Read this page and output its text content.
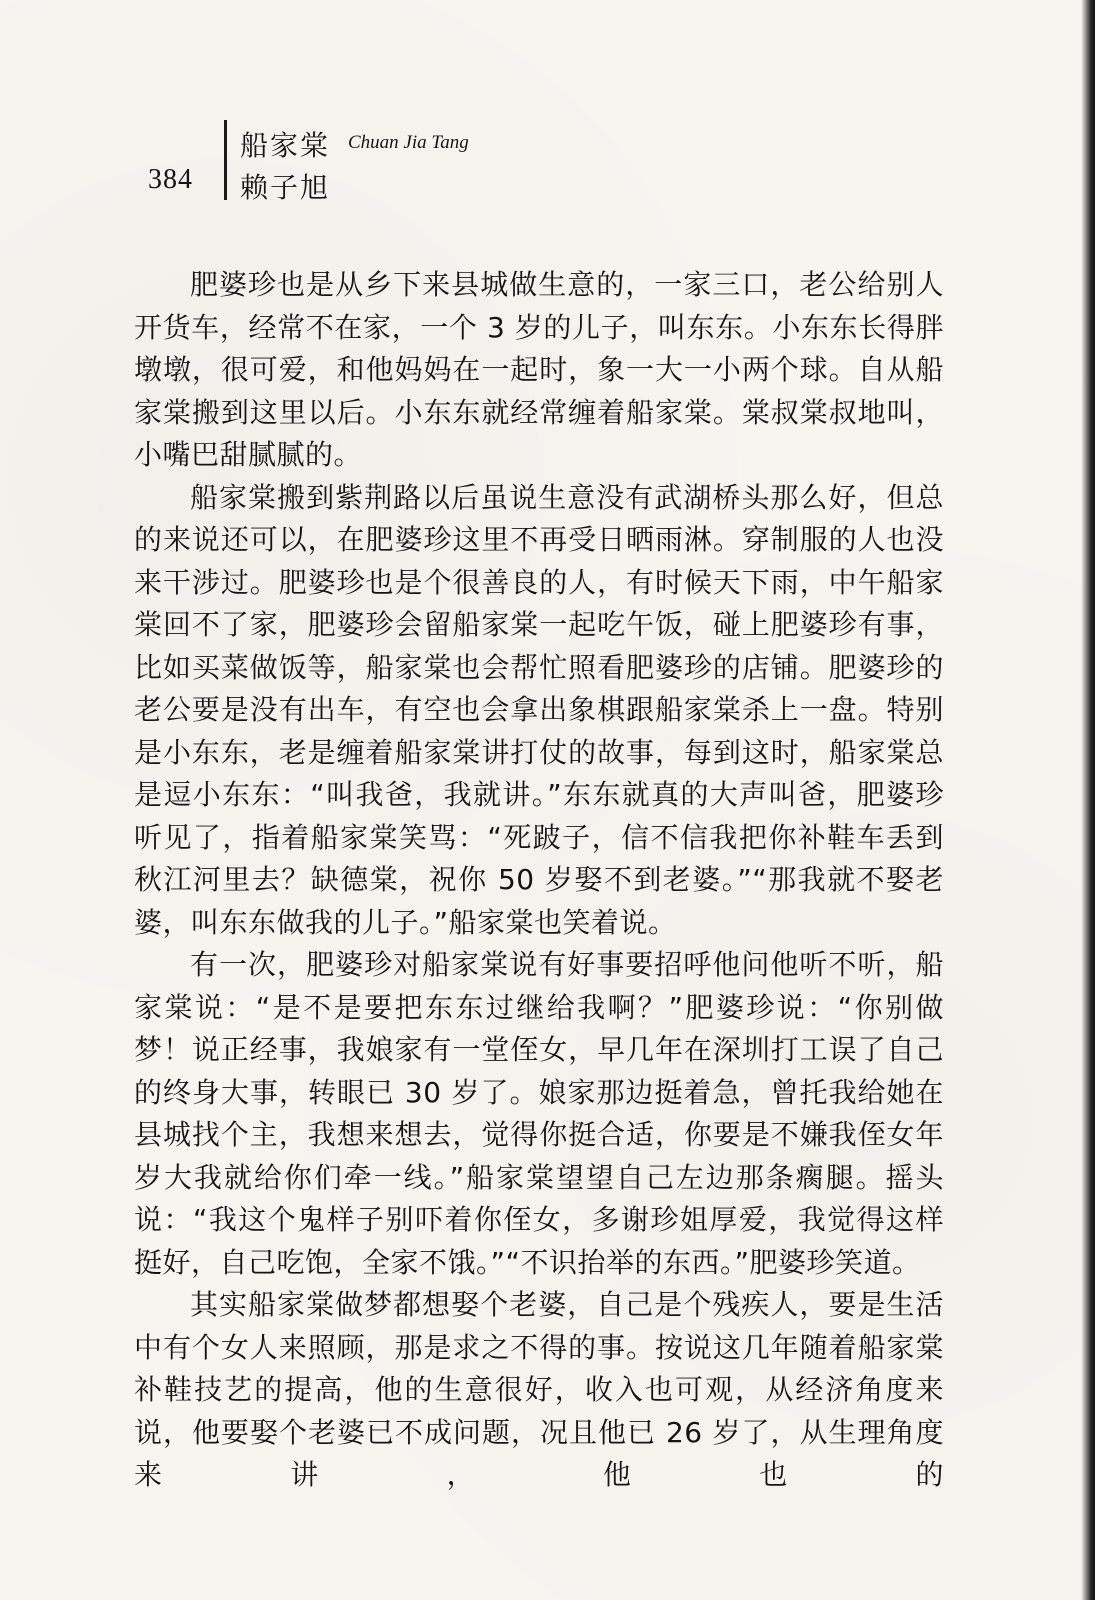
384
船家棠 Chuan Jia Tang
赖子旭

肥婆珍也是从乡下来县城做生意的，一家三口，老公给别人开货车，经常不在家，一个 3 岁的儿子，叫东东。小东东长得胖墩墩，很可爱，和他妈妈在一起时，象一大一小两个球。自从船家棠搬到这里以后。小东东就经常缠着船家棠。棠叔棠叔地叫，小嘴巴甜腻腻的。

船家棠搬到紫荆路以后虽说生意没有武湖桥头那么好，但总的来说还可以，在肥婆珍这里不再受日晒雨淋。穿制服的人也没来干涉过。肥婆珍也是个很善良的人，有时候天下雨，中午船家棠回不了家，肥婆珍会留船家棠一起吃午饭，碰上肥婆珍有事，比如买菜做饭等，船家棠也会帮忙照看肥婆珍的店铺。肥婆珍的老公要是没有出车，有空也会拿出象棋跟船家棠杀上一盘。特别是小东东，老是缠着船家棠讲打仗的故事，每到这时，船家棠总是逗小东东：“叫我爸，我就讲。”东东就真的大声叫爸，肥婆珍听见了，指着船家棠笑骂：“死跛子，信不信我把你补鞋车丢到秋江河里去？缺德棠，祝你 50 岁娶不到老婆。”“那我就不娶老婆，叫东东做我的儿子。”船家棠也笑着说。

有一次，肥婆珍对船家棠说有好事要招呼他问他听不听，船家棠说：“是不是要把东东过继给我啊？”肥婆珍说：“你别做梦！说正经事，我娘家有一堂侄女，早几年在深圳打工误了自己的终身大事，转眼已 30 岁了。娘家那边挺着急，曾托我给她在县城找个主，我想来想去，觉得你挺合适，你要是不嫌我侄女年岁大我就给你们牵一线。”船家棠望望自己左边那条瘸腿。摇头说：“我这个鬼样子别吓着你侄女，多谢珍姐厚爱，我觉得这样挺好，自己吃饱，全家不饿。”“不识抬举的东西。”肥婆珍笑道。

其实船家棠做梦都想娶个老婆，自己是个残疾人，要是生活中有个女人来照顾，那是求之不得的事。按说这几年随着船家棠补鞋技艺的提高，他的生意很好，收入也可观，从经济角度来说，他要娶个老婆已不成问题，况且他已 26 岁了，从生理角度来讲，他也的
